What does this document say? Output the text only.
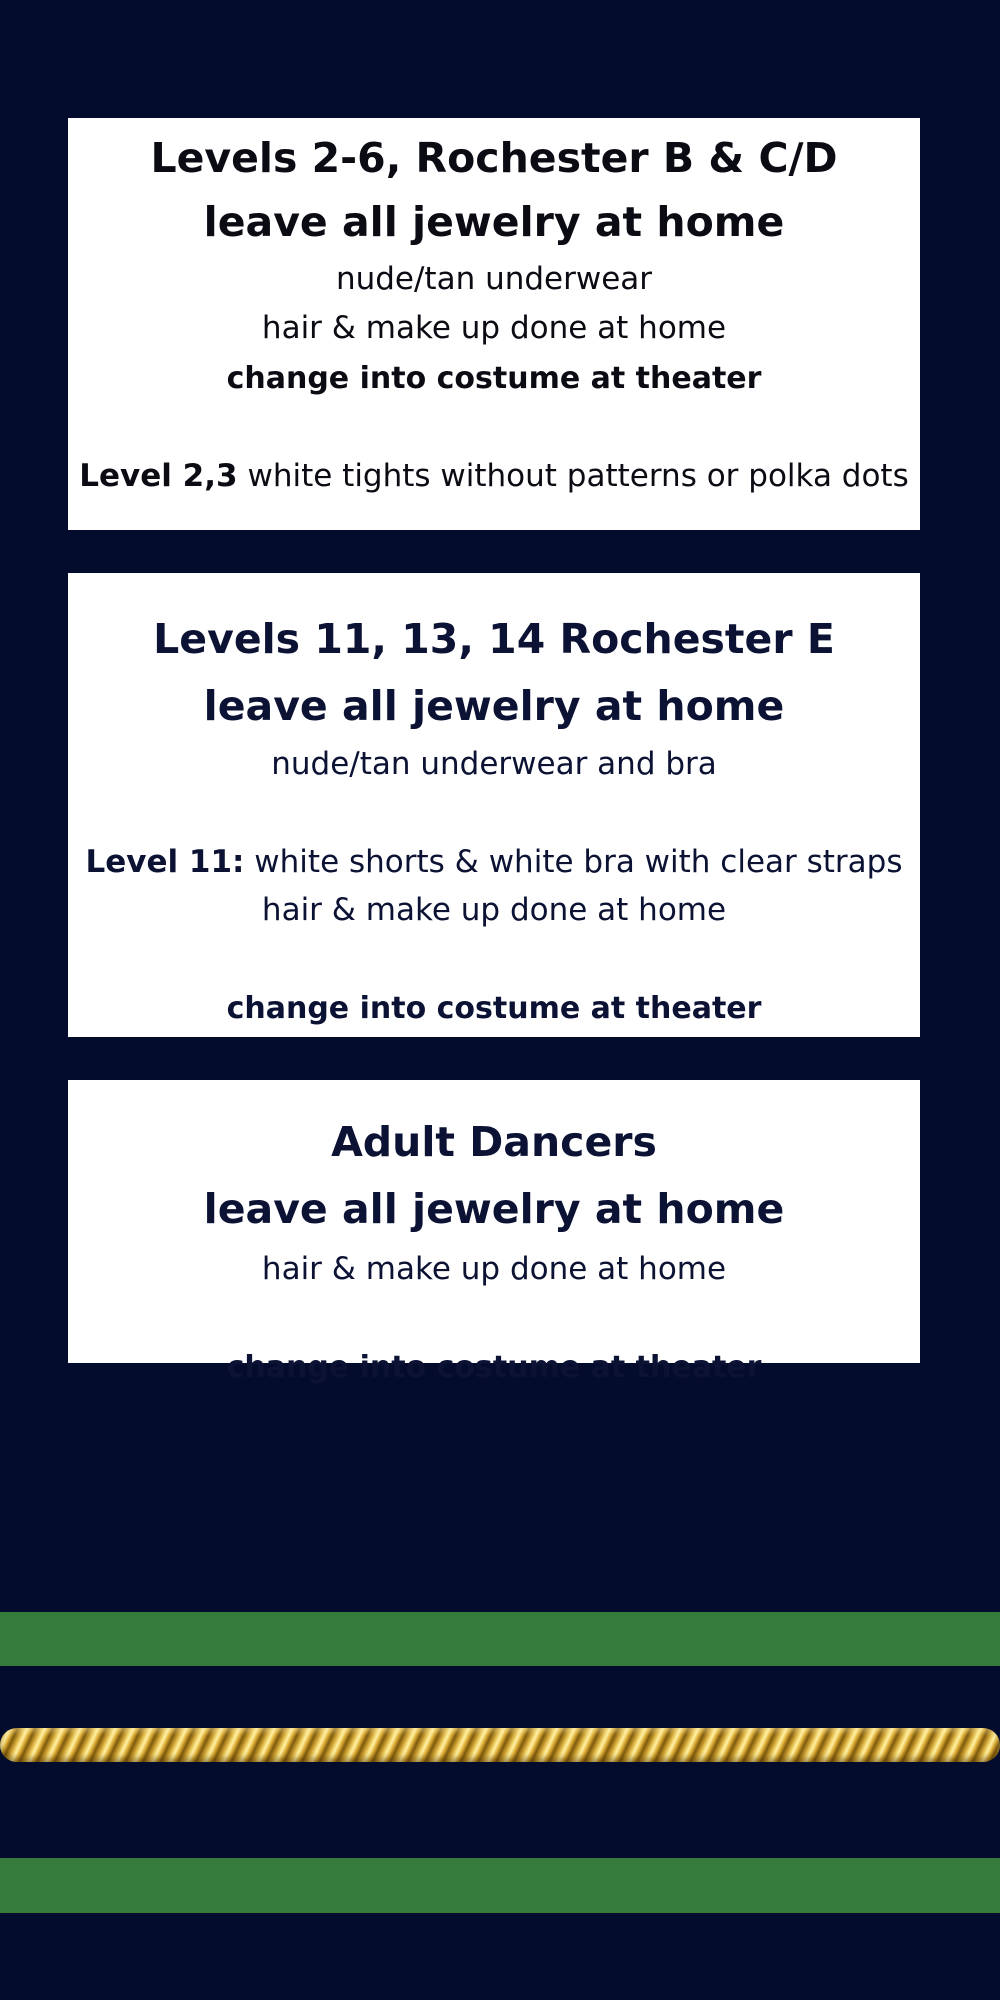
Levels 2-6, Rochester B & C/D
leave all jewelry at home
nude/tan underwear
hair & make up done at home
change into costume at theater
Level 2,3 white tights without patterns or polka dots
Levels 11, 13, 14 Rochester E
leave all jewelry at home
nude/tan underwear and bra
Level 11: white shorts & white bra with clear straps
hair & make up done at home
change into costume at theater
Adult Dancers
leave all jewelry at home
hair & make up done at home
change into costume at theater
